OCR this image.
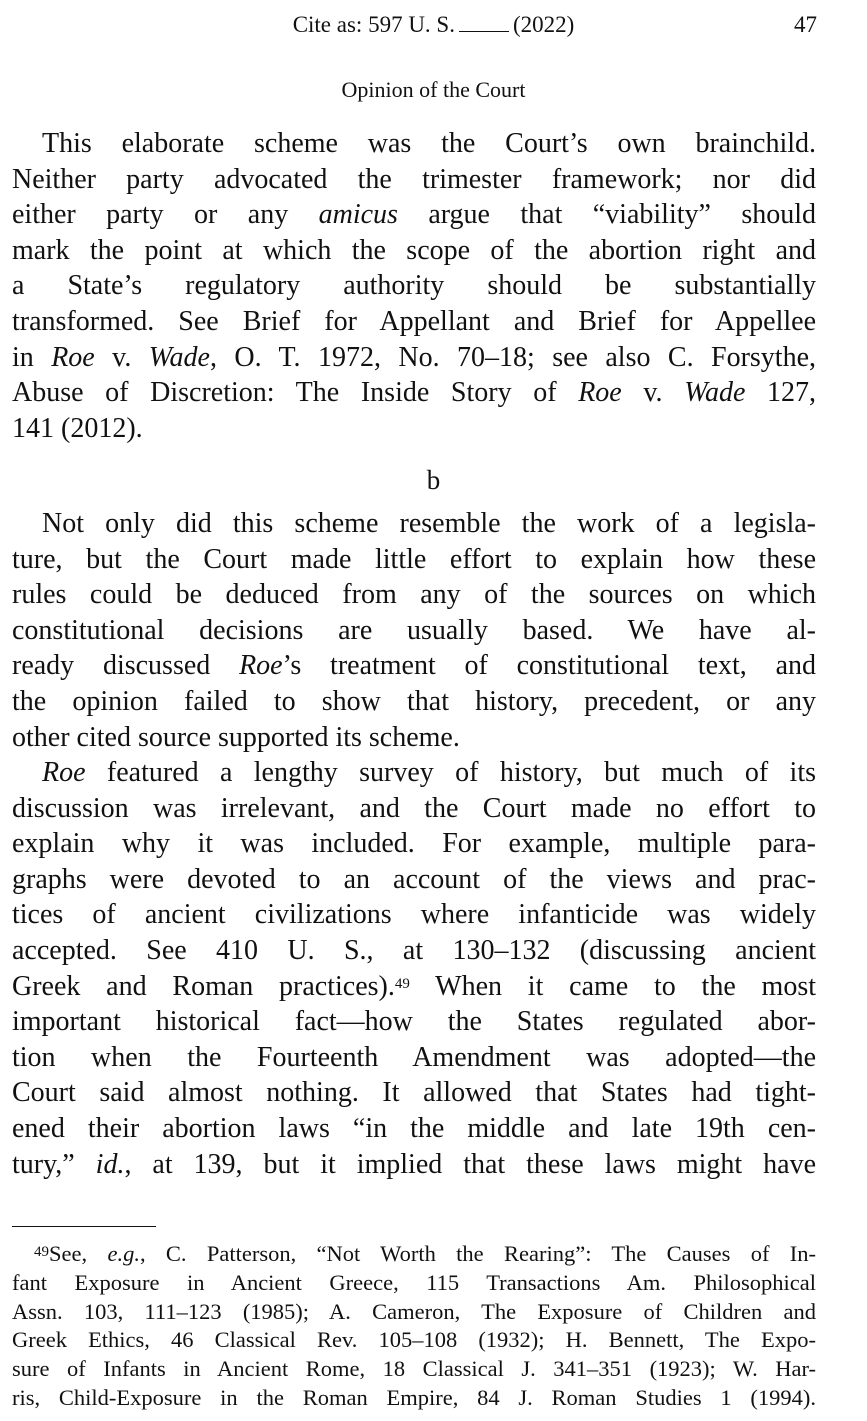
Cite as: 597 U. S.	(2022)	47
Opinion of the Court
This elaborate scheme was the Court’s own brainchild.
Neither party advocated the trimester framework; nor did
either party or any amicus argue that “viability” should
mark the point at which the scope of the abortion right and
a State’s regulatory authority should be substantially
transformed. See Brief for Appellant and Brief for Appellee
in Roe v. Wade, O. T. 1972, No. 70–18; see also C. Forsythe,
Abuse of Discretion: The Inside Story of Roe v. Wade 127,
141 (2012).
b
Not only did this scheme resemble the work of a legisla-
ture, but the Court made little effort to explain how these
rules could be deduced from any of the sources on which
constitutional decisions are usually based. We have al-
ready discussed Roe’s treatment of constitutional text, and
the opinion failed to show that history, precedent, or any
other cited source supported its scheme.
Roe featured a lengthy survey of history, but much of its
discussion was irrelevant, and the Court made no effort to
explain why it was included. For example, multiple para-
graphs were devoted to an account of the views and prac-
tices of ancient civilizations where infanticide was widely
accepted. See 410 U. S., at 130–132 (discussing ancient
Greek and Roman practices).$^{49}$ When it came to the most
important historical fact—how the States regulated abor-
tion when the Fourteenth Amendment was adopted—the
Court said almost nothing. It allowed that States had tight-
ened their abortion laws “in the middle and late 19th cen-
tury,” id., at 139, but it implied that these laws might have
$^{49}$See, e.g., C. Patterson, “Not Worth the Rearing”: The Causes of In-
fant Exposure in Ancient Greece, 115 Transactions Am. Philosophical
Assn. 103, 111–123 (1985); A. Cameron, The Exposure of Children and
Greek Ethics, 46 Classical Rev. 105–108 (1932); H. Bennett, The Expo-
sure of Infants in Ancient Rome, 18 Classical J. 341–351 (1923); W. Har-
ris, Child-Exposure in the Roman Empire, 84 J. Roman Studies 1 (1994).
